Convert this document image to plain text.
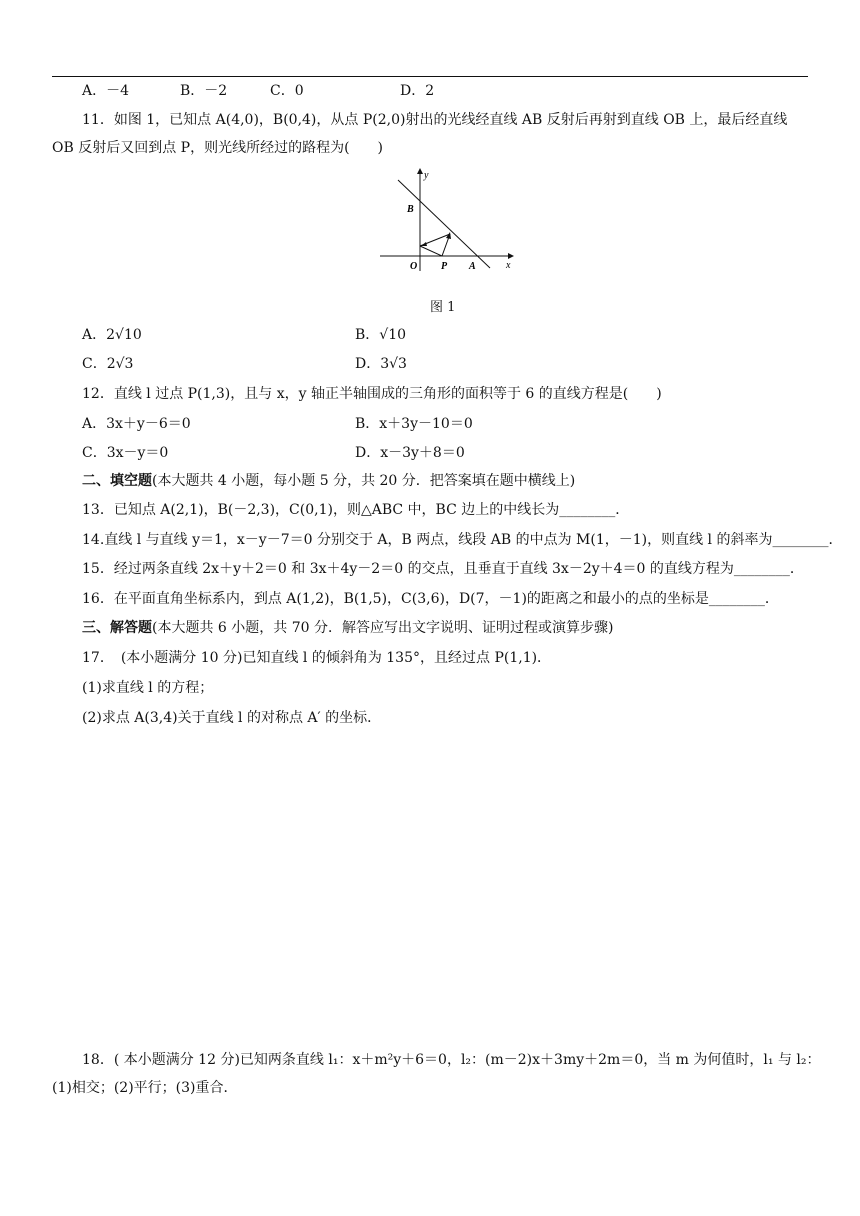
A．－4	B．－2	C．0	D．2
11．如图 1，已知点 A(4,0)，B(0,4)，从点 P(2,0)射出的光线经直线 AB 反射后再射到直线 OB 上，最后经直线
OB 反射后又回到点 P，则光线所经过的路程为(　　)
y
x
B
O P A
图 1
A．2√10	B．√10
C．2√3	D．3√3
12．直线 l 过点 P(1,3)，且与 x，y 轴正半轴围成的三角形的面积等于 6 的直线方程是(　　)
A．3x＋y－6＝0	B．x＋3y－10＝0
C．3x－y＝0	D．x－3y＋8＝0
二、填空题(本大题共 4 小题，每小题 5 分，共 20 分．把答案填在题中横线上)
13．已知点 A(2,1)，B(－2,3)，C(0,1)，则△ABC 中，BC 边上的中线长为________．
14.直线 l 与直线 y＝1，x－y－7＝0 分别交于 A，B 两点，线段 AB 的中点为 M(1，－1)，则直线 l 的斜率为________．
15．经过两条直线 2x＋y＋2＝0 和 3x＋4y－2＝0 的交点，且垂直于直线 3x－2y＋4＝0 的直线方程为________．
16．在平面直角坐标系内，到点 A(1,2)，B(1,5)，C(3,6)，D(7，－1)的距离之和最小的点的坐标是________．
三、解答题(本大题共 6 小题，共 70 分．解答应写出文字说明、证明过程或演算步骤)
17．　(本小题满分 10 分)已知直线 l 的倾斜角为 135°，且经过点 P(1,1)．
(1)求直线 l 的方程；
(2)求点 A(3,4)关于直线 l 的对称点 A′ 的坐标．
18．( 本小题满分 12 分)已知两条直线 l₁：x＋m²y＋6＝0，l₂：(m－2)x＋3my＋2m＝0，当 m 为何值时，l₁ 与 l₂：
(1)相交；(2)平行；(3)重合．
